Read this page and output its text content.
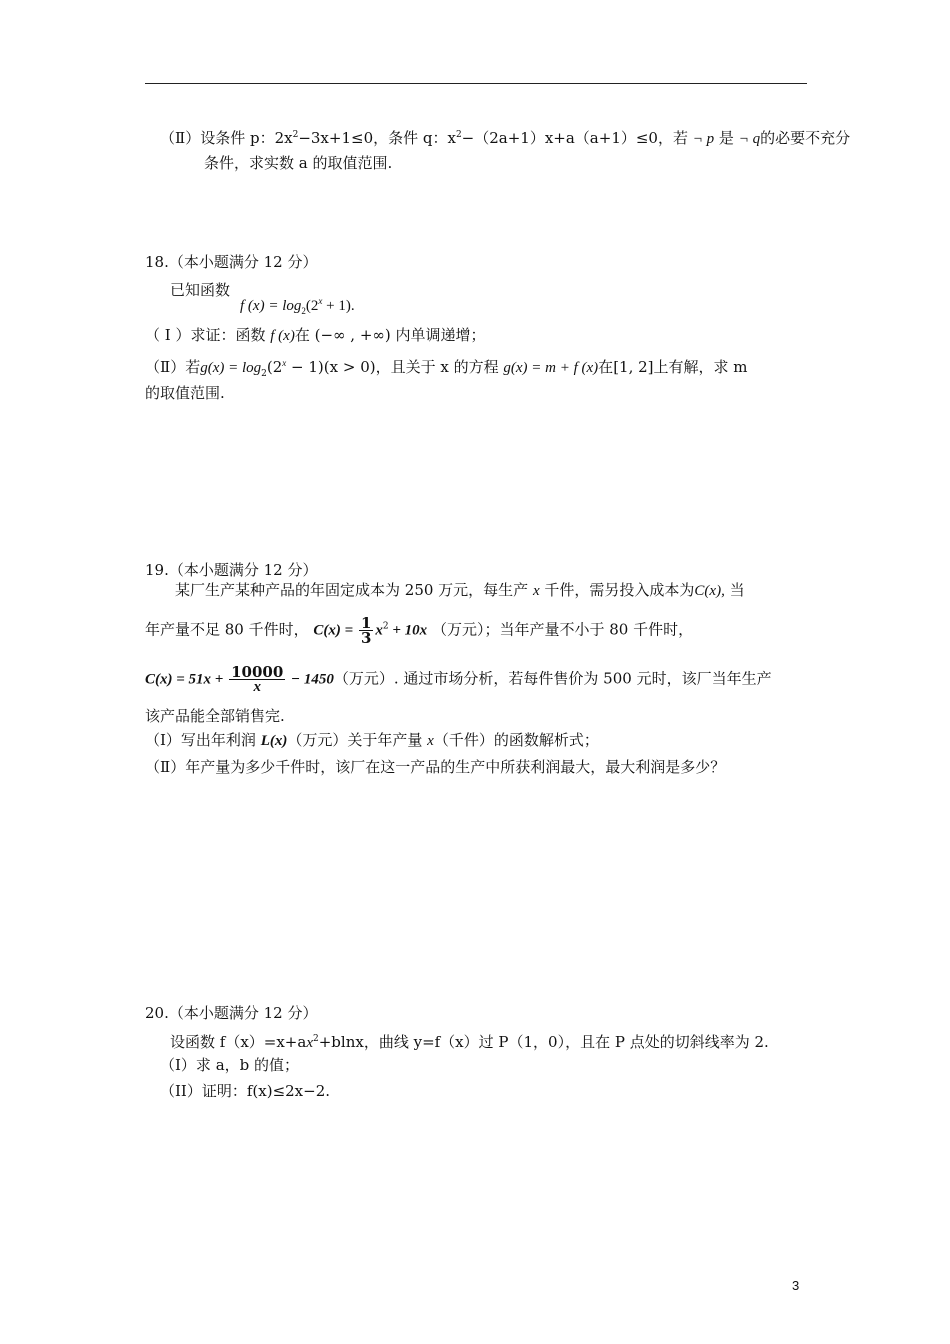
（Ⅱ）设条件 p：$2x^2-3x+1\le 0$，条件 q：$x^2-(2a+1)x+a(a+1)\le 0$，若 ¬ p 是 ¬ q的必要不充分
条件，求实数 a 的取值范围.
18.（本小题满分 12 分）
已知函数
f $(x) = \log_2(2^x + 1)$.
（ Ⅰ ）求证：函数 f (x)在 (−∞ , +∞) 内单调递增；
（Ⅱ）若$g(x) = \log_2(2^x - 1)(x > 0)$，且关于 x 的方程 g(x) = m + f (x)在[1, 2]上有解，求 m
的取值范围.
19.（本小题满分 12 分）
某厂生产某种产品的年固定成本为 250 万元，每生产 x 千件，需另投入成本为C(x), 当
年产量不足 80 千件时， $C(x) = \frac{1}{3} x^2 + 10x$ （万元）；当年产量不小于 80 千件时，
$C(x) = 51x + \frac{10000}{x} - 1450$（万元）. 通过市场分析，若每件售价为 500 元时，该厂当年生产
该产品能全部销售完.
（Ⅰ）写出年利润 L(x)（万元）关于年产量 x（千件）的函数解析式；
（Ⅱ）年产量为多少千件时，该厂在这一产品的生产中所获利润最大，最大利润是多少？
20.（本小题满分 12 分）
设函数 $f(x)=x+ax^2+blnx$，曲线 y=f（x）过 P（1，0），且在 P 点处的切斜线率为 2.
（I）求 a，b 的值；
（II）证明：f(x)≤2x−2.
3
